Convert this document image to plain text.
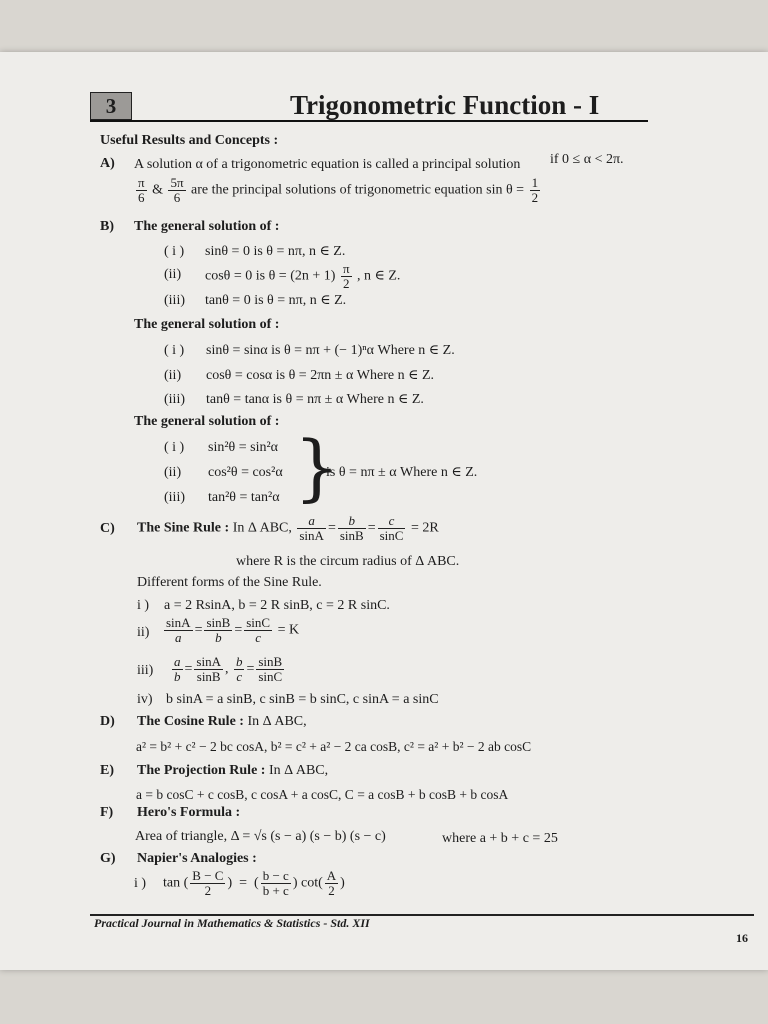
3	Trigonometric Function - I
Useful Results and Concepts :
A) A solution α of a trigonometric equation is called a principal solution if 0 ≤ α < 2π.
$\frac{\pi}{6}$ & $\frac{5\pi}{6}$ are the principal solutions of trigonometric equation $\sin \theta = \frac{1}{2}$
B) The general solution of :
( i ) sinθ = 0 is θ = nπ, n ∈ Z.
(ii) cosθ = 0 is $\theta = (2n + 1) \frac{\pi}{2}$ , n ∈ Z.
(iii) tanθ = 0 is θ = nπ, n ∈ Z.
The general solution of :
( i ) sinθ = sinα is θ = nπ + (− 1)ⁿα Where n ∈ Z.
(ii) cosθ = cosα is θ = 2πn ± α Where n ∈ Z.
(iii) tanθ = tanα is θ = nπ ± α Where n ∈ Z.
The general solution of :
( i ) sin²θ = sin²α
(ii) cos²θ = cos²α
(iii) tan²θ = tan²α }
is θ = nπ ± α Where n ∈ Z.
C) The Sine Rule : In Δ ABC, $\frac{a}{\sin A} = \frac{b}{\sin B} = \frac{c}{\sin C} = 2R$
where R is the circum radius of Δ ABC.
Different forms of the Sine Rule.
i ) a = 2 RsinA, b = 2 R sinB, c = 2 R sinC.
$ii) \frac{\sin A}{a} = \frac{\sin B}{b} = \frac{\sin C}{c} = K$
$iii) \frac{a}{b} = \frac{\sin A}{\sin B}$ , $\frac{b}{c} = \frac{\sin B}{\sin C}$
iv) b sinA = a sinB, c sinB = b sinC, c sinA = a sinC
D) The Cosine Rule : In Δ ABC,
a² = b² + c² − 2 bc cosA, b² = c² + a² − 2 ca cosB, c² = a² + b² − 2 ab cosC
E) The Projection Rule : In Δ ABC,
a = b cosC + c cosB, c cosA + a cosC, C = a cosB + b cosB + b cosA
F) Hero's Formula :
Area of triangle, Δ = √s (s − a) (s − b) (s − c)	where a + b + c = 25
G) Napier's Analogies :
i ) tan ( $\frac{B - C}{2}$ )  =  ( $\frac{b - c}{b + c}$ ) $\cot( \frac{A}{2}$ )
Practical Journal in Mathematics & Statistics - Std. XII
16
